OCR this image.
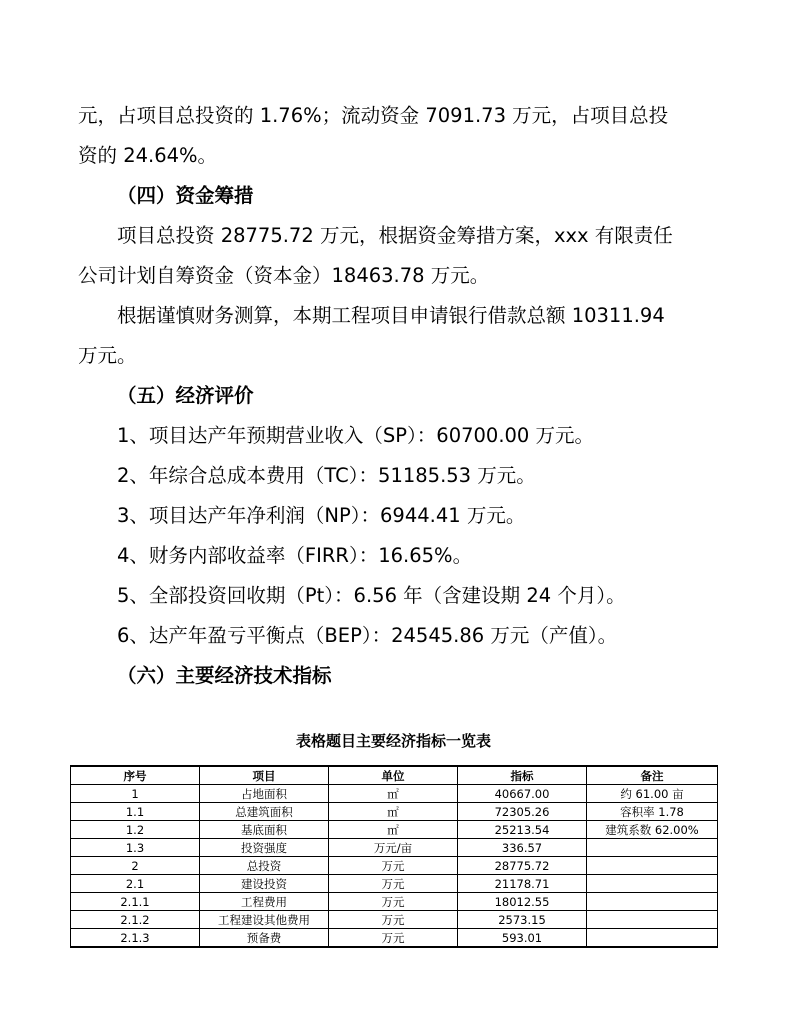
元，占项目总投资的 1.76%；流动资金 7091.73 万元，占项目总投
资的 24.64%。
（四）资金筹措
项目总投资 28775.72 万元，根据资金筹措方案，xxx 有限责任
公司计划自筹资金（资本金）18463.78 万元。
根据谨慎财务测算，本期工程项目申请银行借款总额 10311.94
万元。
（五）经济评价
1、项目达产年预期营业收入（SP）：60700.00 万元。
2、年综合总成本费用（TC）：51185.53 万元。
3、项目达产年净利润（NP）：6944.41 万元。
4、财务内部收益率（FIRR）：16.65%。
5、全部投资回收期（Pt）：6.56 年（含建设期 24 个月）。
6、达产年盈亏平衡点（BEP）：24545.86 万元（产值）。
（六）主要经济技术指标
表格题目主要经济指标一览表
序号	项目	单位	指标	备注
1	占地面积	㎡	40667.00	约 61.00 亩
1.1	总建筑面积	㎡	72305.26	容积率 1.78
1.2	基底面积	㎡	25213.54	建筑系数 62.00%
1.3	投资强度	万元/亩	336.57	
2	总投资	万元	28775.72	
2.1	建设投资	万元	21178.71	
2.1.1	工程费用	万元	18012.55	
2.1.2	工程建设其他费用	万元	2573.15	
2.1.3	预备费	万元	593.01	
